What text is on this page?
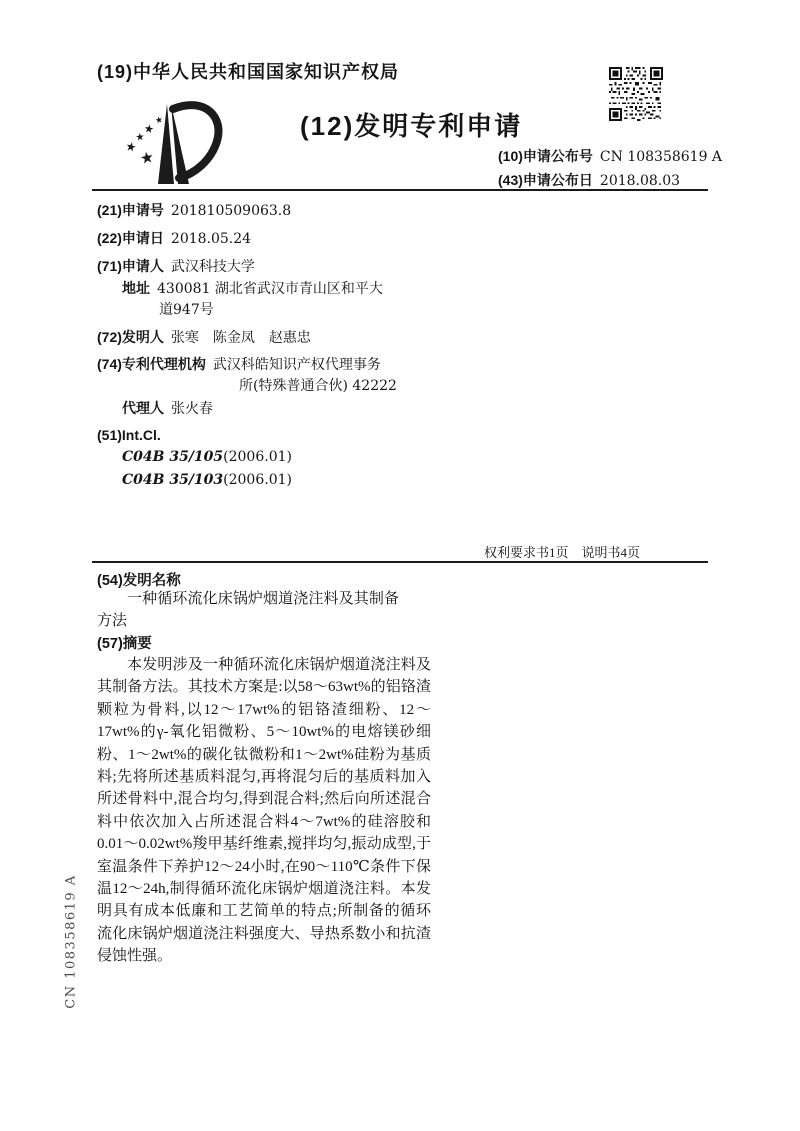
(19)中华人民共和国国家知识产权局
(12)发明专利申请
(10)申请公布号 CN 108358619 A
(43)申请公布日 2018.08.03
(21)申请号 201810509063.8
(22)申请日 2018.05.24
(71)申请人 武汉科技大学
地址 430081 湖北省武汉市青山区和平大
道947号
(72)发明人 张寒　陈金凤　赵惠忠
(74)专利代理机构 武汉科皓知识产权代理事务
所(特殊普通合伙) 42222
代理人 张火春
(51)Int.Cl.
C04B 35/105(2006.01)
C04B 35/103(2006.01)
权利要求书1页　说明书4页
(54)发明名称
一种循环流化床锅炉烟道浇注料及其制备方法
(57)摘要
本发明涉及一种循环流化床锅炉烟道浇注料及其制备方法。其技术方案是:以58～63wt%的铝铬渣颗粒为骨料,以12～17wt%的铝铬渣细粉、12～17wt%的γ-氧化铝微粉、5～10wt%的电熔镁砂细粉、1～2wt%的碳化钛微粉和1～2wt%硅粉为基质料;先将所述基质料混匀,再将混匀后的基质料加入所述骨料中,混合均匀,得到混合料;然后向所述混合料中依次加入占所述混合料4～7wt%的硅溶胶和0.01～0.02wt%羧甲基纤维素,搅拌均匀,振动成型,于室温条件下养护12～24小时,在90～110℃条件下保温12～24h,制得循环流化床锅炉烟道浇注料。本发明具有成本低廉和工艺简单的特点;所制备的循环流化床锅炉烟道浇注料强度大、导热系数小和抗渣侵蚀性强。
CN 108358619 A
